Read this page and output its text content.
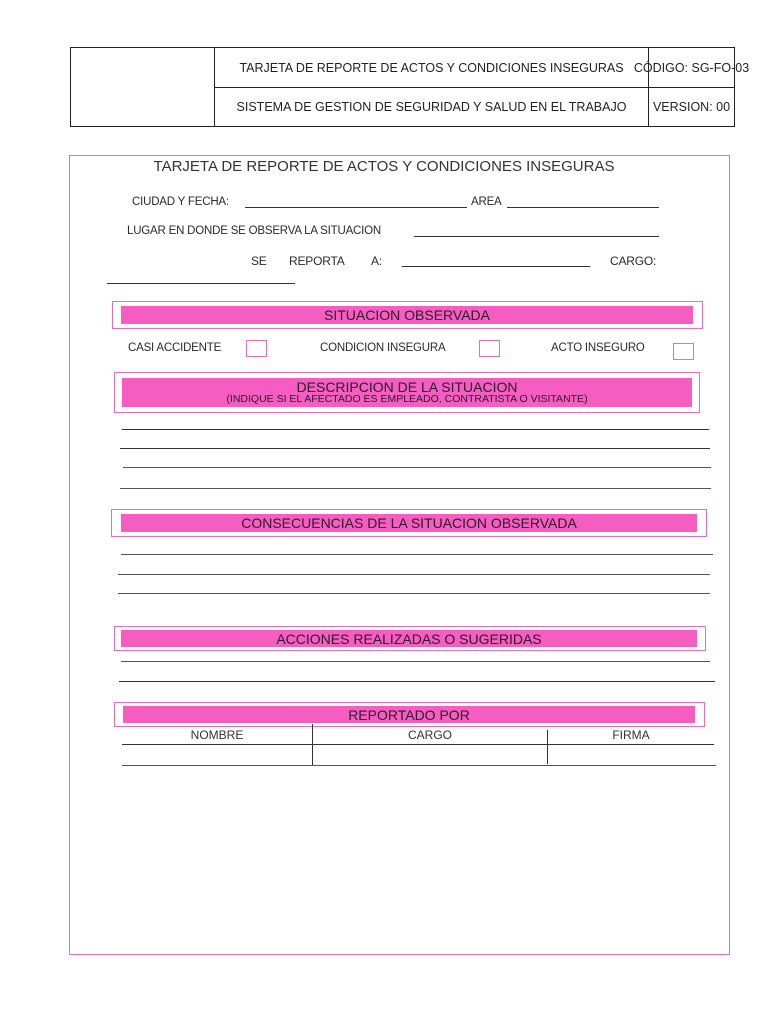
TARJETA DE REPORTE DE ACTOS Y CONDICIONES INSEGURAS CÓDIGO: SG-FO-03
SISTEMA DE GESTION DE SEGURIDAD Y SALUD EN EL TRABAJO	VERSION: 00
TARJETA DE REPORTE DE ACTOS Y CONDICIONES INSEGURAS
CIUDAD Y FECHA:	AREA
LUGAR EN DONDE SE OBSERVA LA SITUACION
SE REPORTA A:	CARGO:
SITUACION OBSERVADA
CASI ACCIDENTE	CONDICION INSEGURA	ACTO INSEGURO
DESCRIPCION DE LA SITUACION
(INDIQUE SI EL AFECTADO ES EMPLEADO, CONTRATISTA O VISITANTE)
CONSECUENCIAS DE LA SITUACION OBSERVADA
ACCIONES REALIZADAS O SUGERIDAS
REPORTADO POR
NOMBRE	CARGO	FIRMA
